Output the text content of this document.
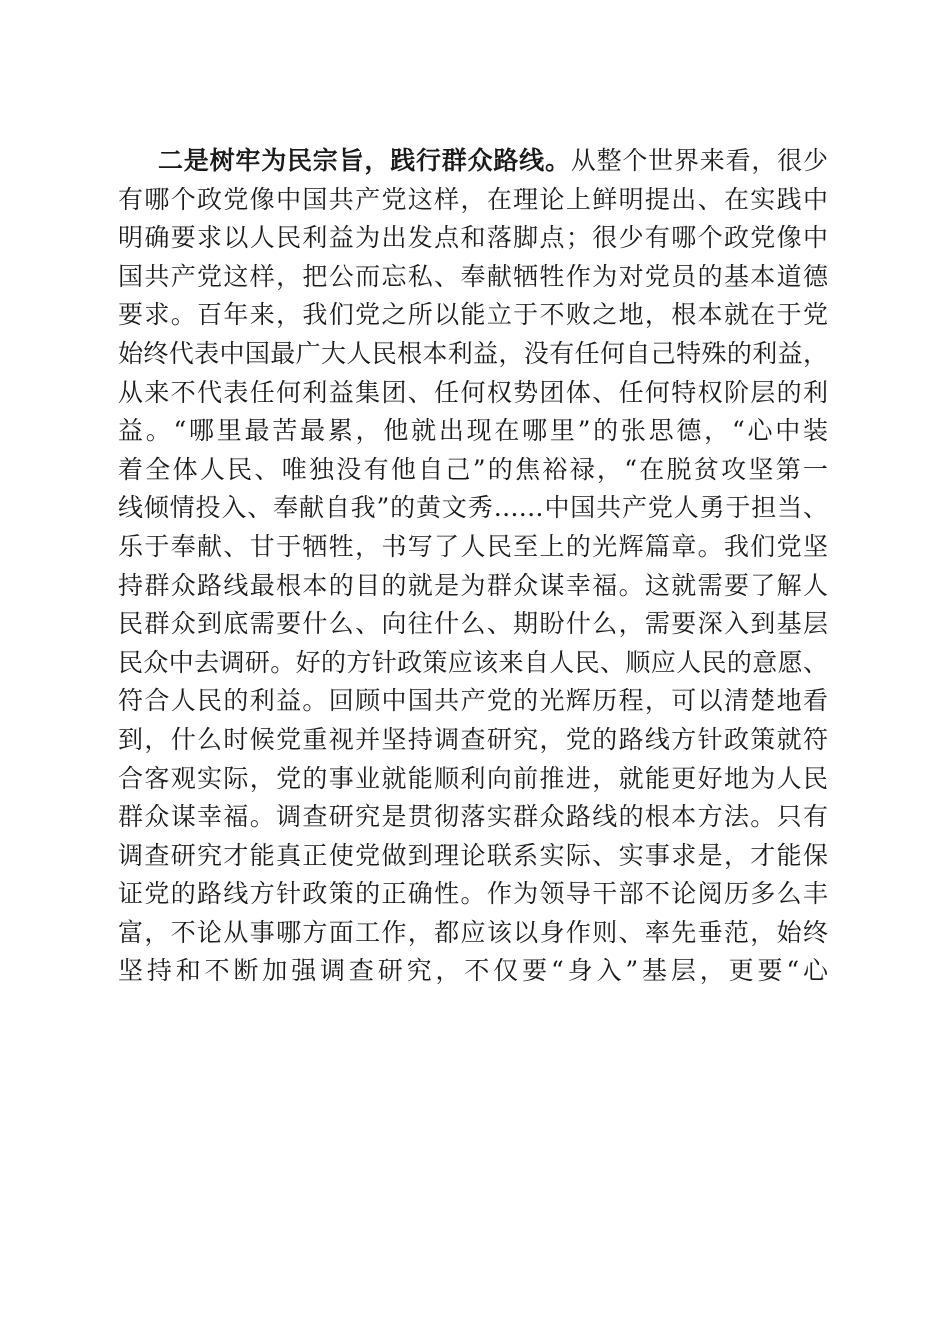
二是树牢为民宗旨，践行群众路线。从整个世界来看，很少
有哪个政党像中国共产党这样，在理论上鲜明提出、在实践中
明确要求以人民利益为出发点和落脚点；很少有哪个政党像中
国共产党这样，把公而忘私、奉献牺牲作为对党员的基本道德
要求。百年来，我们党之所以能立于不败之地，根本就在于党
始终代表中国最广大人民根本利益，没有任何自己特殊的利益，
从来不代表任何利益集团、任何权势团体、任何特权阶层的利
益。“哪里最苦最累，他就出现在哪里”的张思德，“心中装
着全体人民、唯独没有他自己”的焦裕禄，“在脱贫攻坚第一
线倾情投入、奉献自我”的黄文秀……中国共产党人勇于担当、
乐于奉献、甘于牺牲，书写了人民至上的光辉篇章。我们党坚
持群众路线最根本的目的就是为群众谋幸福。这就需要了解人
民群众到底需要什么、向往什么、期盼什么，需要深入到基层
民众中去调研。好的方针政策应该来自人民、顺应人民的意愿、
符合人民的利益。回顾中国共产党的光辉历程，可以清楚地看
到，什么时候党重视并坚持调查研究，党的路线方针政策就符
合客观实际，党的事业就能顺利向前推进，就能更好地为人民
群众谋幸福。调查研究是贯彻落实群众路线的根本方法。只有
调查研究才能真正使党做到理论联系实际、实事求是，才能保
证党的路线方针政策的正确性。作为领导干部不论阅历多么丰
富，不论从事哪方面工作，都应该以身作则、率先垂范，始终
坚持和不断加强调查研究，不仅要“身入”基层，更要“心
